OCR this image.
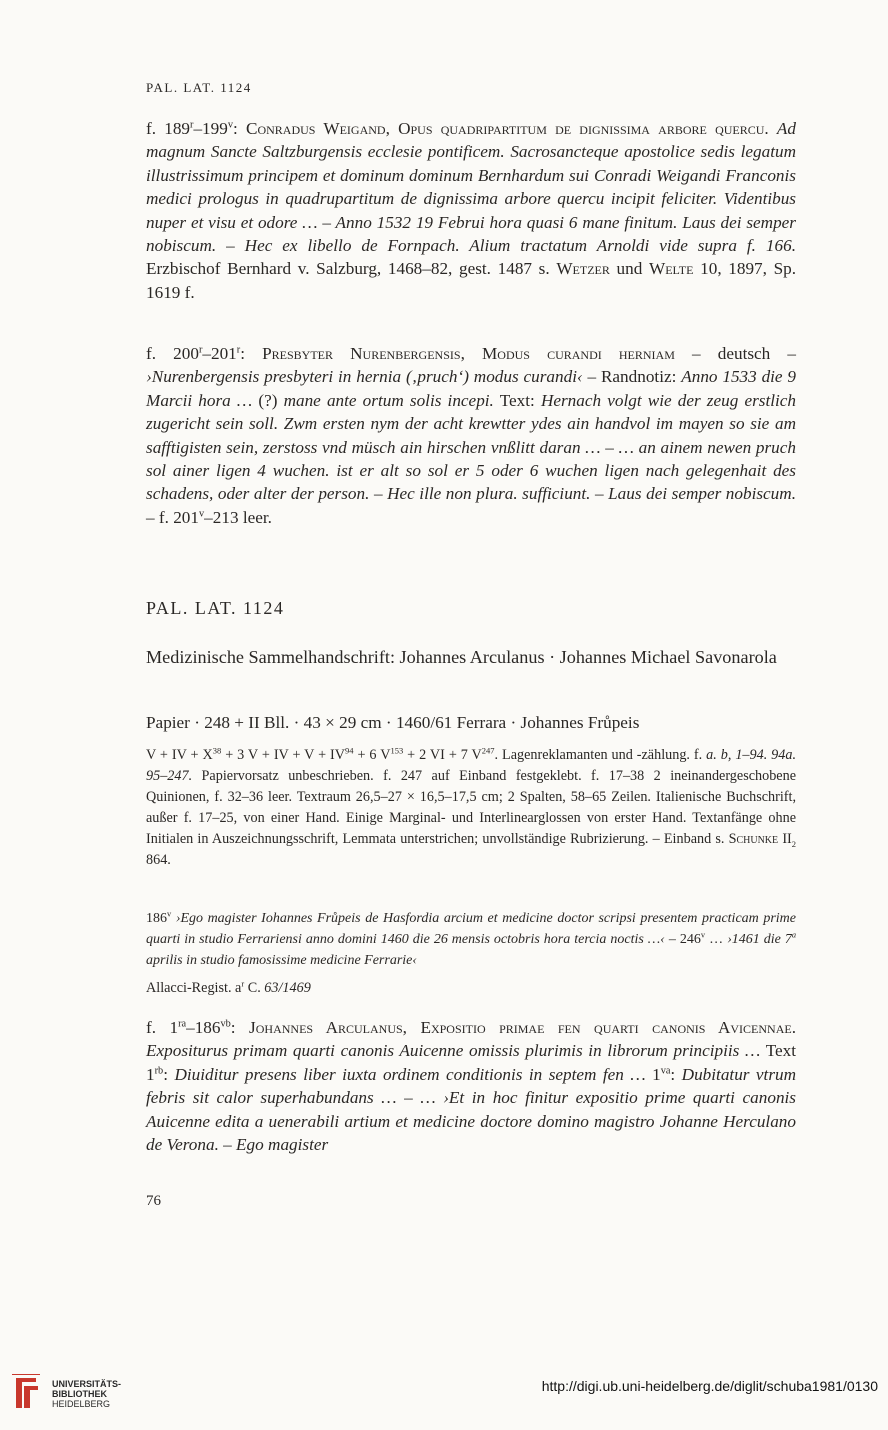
PAL. LAT. 1124
f. 189$^r$–199$^v$: Conradus Weigand, Opus quadripartitum de dignissima arbore quercu. Ad magnum Sancte Saltzburgensis ecclesie pontificem. Sacrosancteque apostolice sedis legatum illustrissimum principem et dominum dominum Bernhardum sui Conradi Weigandi Franconis medici prologus in quadrupartitum de dignissima arbore quercu incipit feliciter. Videntibus nuper et visu et odore … – Anno 1532 19 Februi hora quasi 6 mane finitum. Laus dei semper nobiscum. – Hec ex libello de Fornpach. Alium tractatum Arnoldi vide supra f. 166. Erzbischof Bernhard v. Salzburg, 1468–82, gest. 1487 s. Wetzer und Welte 10, 1897, Sp. 1619 f.
f. 200$^r$–201$^r$: Presbyter Nurenbergensis, Modus curandi herniam – deutsch – ›Nurenbergensis presbyteri in hernia (‚pruch‘) modus curandi‹ – Randnotiz: Anno 1533 die 9 Marcii hora … (?) mane ante ortum solis incepi. Text: Hernach volgt wie der zeug erstlich zugericht sein soll. Zwm ersten nym der acht krewtter ydes ain handvol im mayen so sie am safftigisten sein, zerstoss vnd müsch ain hirschen vnßlitt daran … – … an ainem newen pruch sol ainer ligen 4 wuchen. ist er alt so sol er 5 oder 6 wuchen ligen nach gelegenhait des schadens, oder alter der person. – Hec ille non plura. sufficiunt. – Laus dei semper nobiscum. – f. 201$^v$–213 leer.
PAL. LAT. 1124
Medizinische Sammelhandschrift: Johannes Arculanus · Johannes Michael Savonarola
Papier · 248 + II Bll. · 43 × 29 cm · 1460/61 Ferrara · Johannes Frůpeis
V + IV + $X^{38} + 3$ V + IV + $V + IV^{94} + 6$ $V^{153} + 2$ VI + 7 $V^{247}$. Lagenreklamanten und -zählung. f. a. b, 1–94. 94a. 95–247. Papiervorsatz unbeschrieben. f. 247 auf Einband festgeklebt. f. 17–38 2 ineinandergeschobene Quinionen, f. 32–36 leer. Textraum 26,5–27 × 16,5–17,5 cm; 2 Spalten, 58–65 Zeilen. Italienische Buchschrift, außer f. 17–25, von einer Hand. Einige Marginal- und Interlinearglossen von erster Hand. Textanfänge ohne Initialen in Auszeichnungsschrift, Lemmata unterstrichen; unvollständige Rubrizierung. – Einband s. Schunke $II_2$ 864.
186$^v$ ›Ego magister Iohannes Frůpeis de Hasfordia arcium et medicine doctor scripsi presentem practicam prime quarti in studio Ferrariensi anno domini 1460 die 26 mensis octobris hora tercia noctis …‹ – 246$^v$ … ›1461 die 7$^a$ aprilis in studio famosissime medicine Ferrarie‹
Allacci-Regist. $a^r$ C. 63/1469
f. $1^{ra}-186^{vb}$: Johannes Arculanus, Expositio primae fen quarti canonis Avicennae. Expositurus primam quarti canonis Auicenne omissis plurimis in librorum principiis … Text $1^{rb}$: Diuiditur presens liber iuxta ordinem conditionis in septem fen … $1^{va}$: Dubitatur vtrum febris sit calor superhabundans … – … ›Et in hoc finitur expositio prime quarti canonis Auicenne edita a uenerabili artium et medicine doctore domino magistro Johanne Herculano de Verona. – Ego magister
76
UNIVERSITÄTS-
BIBLIOTHEK
HEIDELBERG
http://digi.ub.uni-heidelberg.de/diglit/schuba1981/0130
